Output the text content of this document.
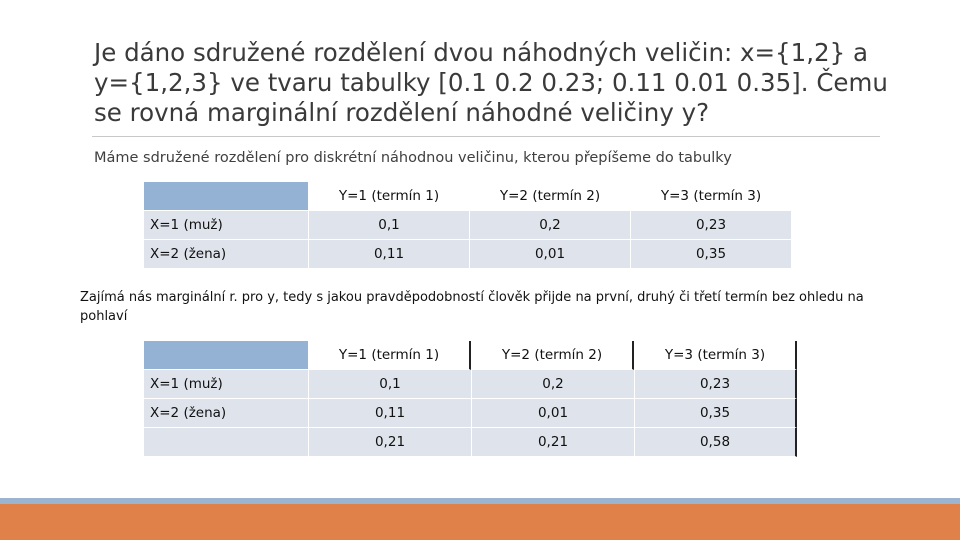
Je dáno sdružené rozdělení dvou náhodných veličin: x={1,2} a y={1,2,3} ve tvaru tabulky [0.1 0.2 0.23; 0.11 0.01 0.35]. Čemu se rovná marginální rozdělení náhodné veličiny y?
Máme sdružené rozdělení pro diskrétní náhodnou veličinu, kterou přepíšeme do tabulky
	Y=1 (termín 1)	Y=2 (termín 2)	Y=3 (termín 3)
X=1 (muž)	0,1	0,2	0,23
X=2 (žena)	0,11	0,01	0,35
Zajímá nás marginální r. pro y, tedy s jakou pravděpodobností člověk přijde na první, druhý či třetí termín bez ohledu na pohlaví
	Y=1 (termín 1)	Y=2 (termín 2)	Y=3 (termín 3)
X=1 (muž)	0,1	0,2	0,23
X=2 (žena)	0,11	0,01	0,35
	0,21	0,21	0,58
